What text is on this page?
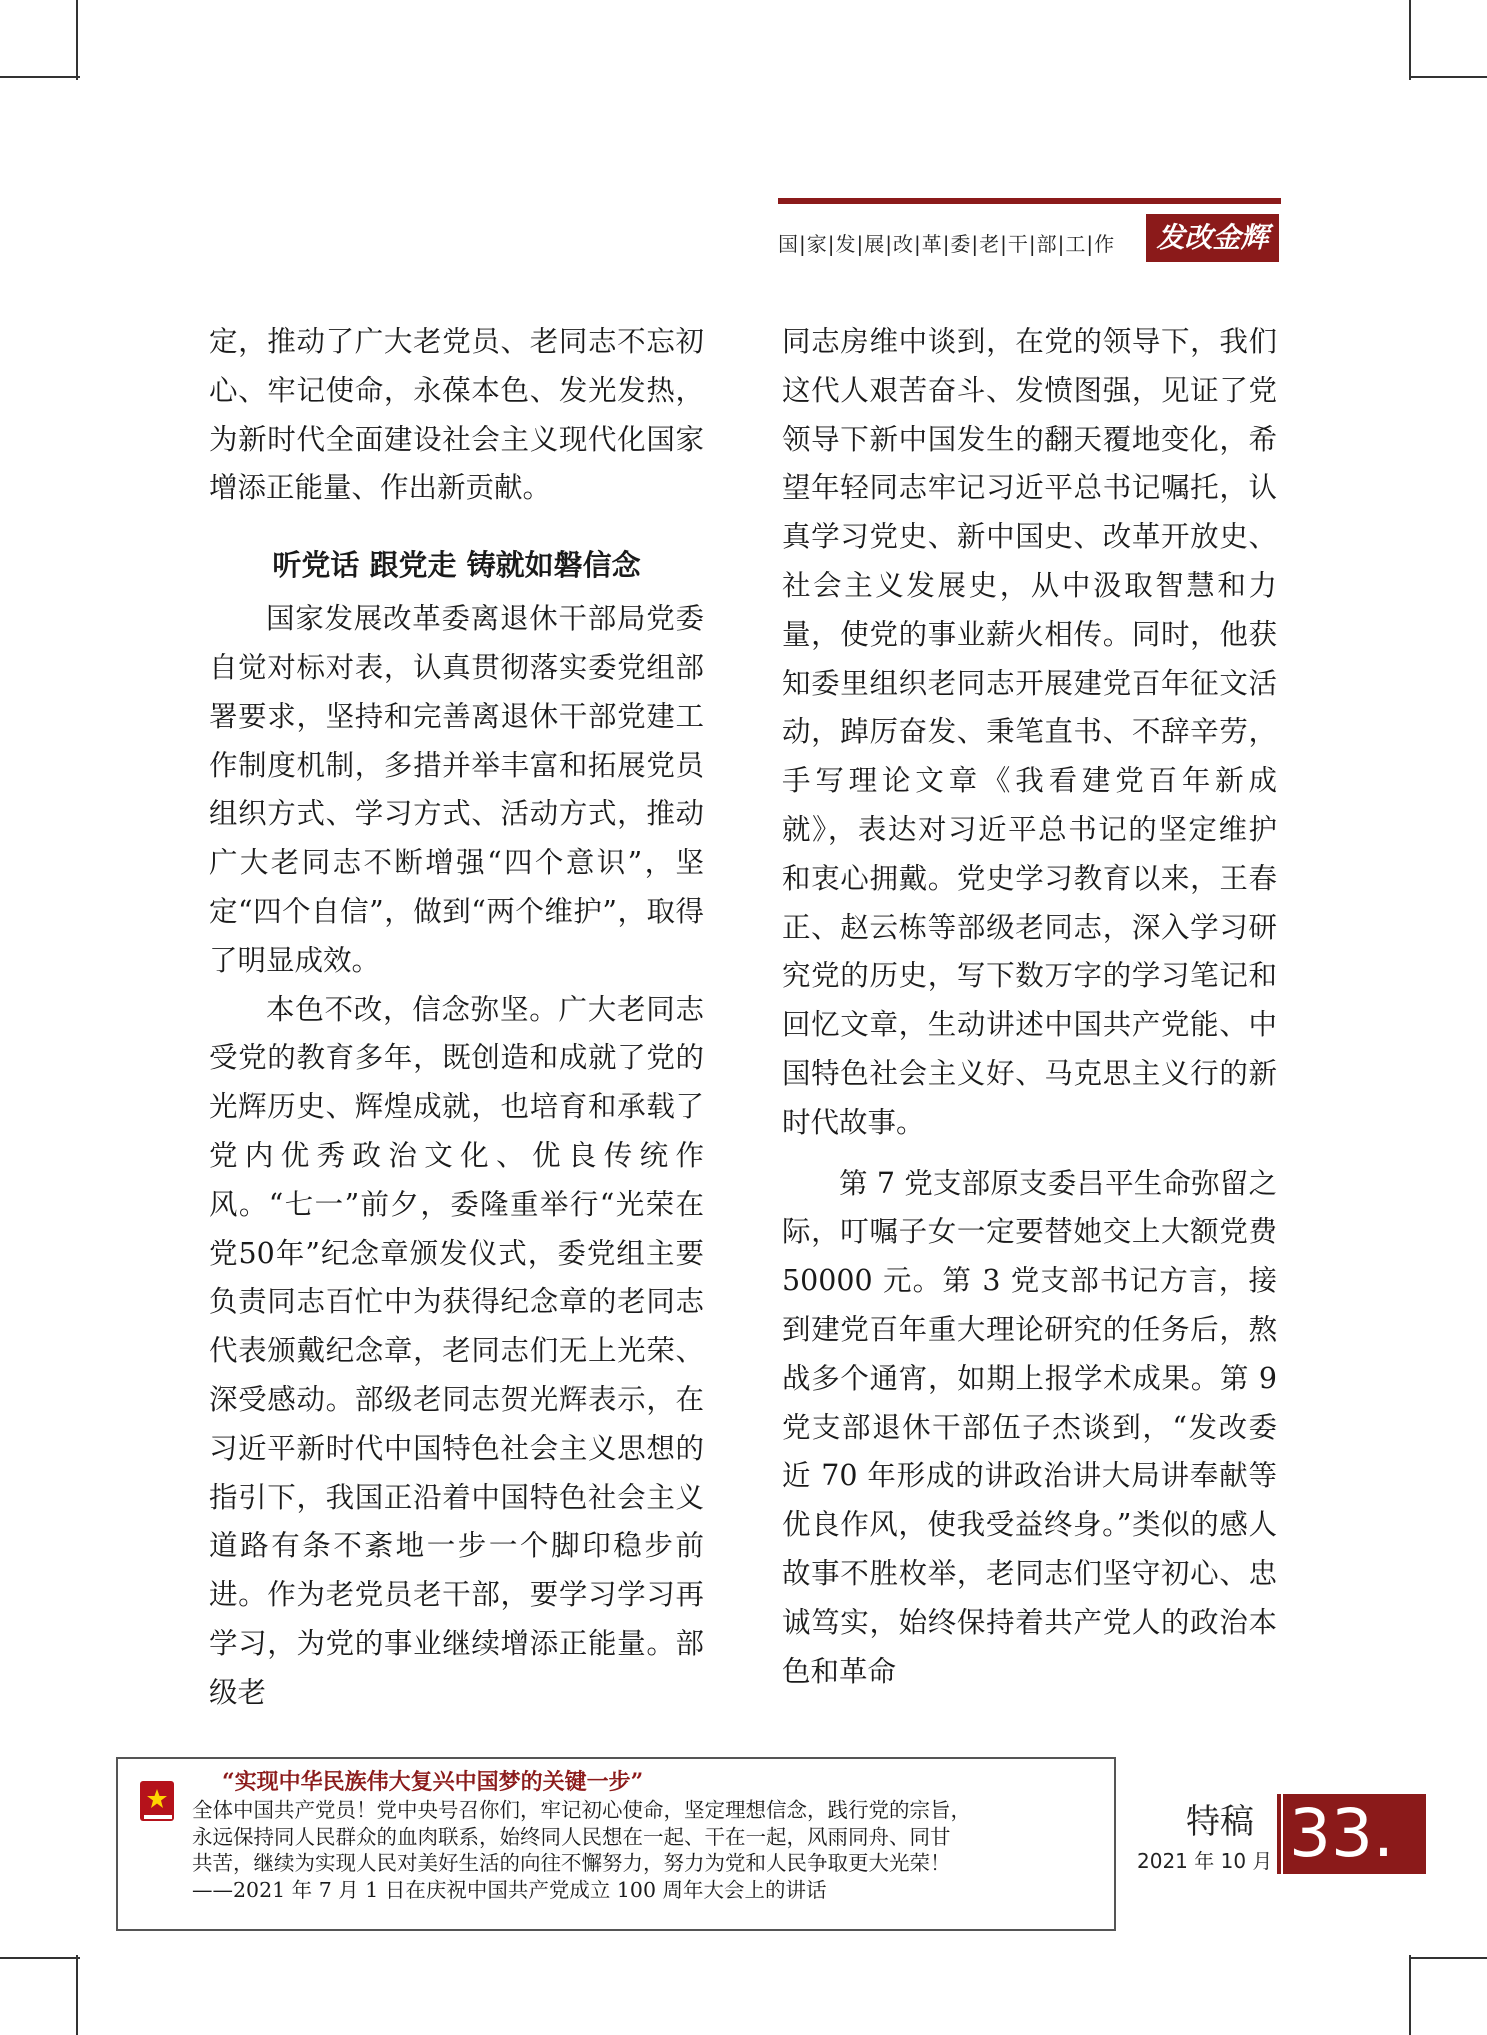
国|家|发|展|改|革|委|老|干|部|工|作	发改金辉

定，推动了广大老党员、老同志不忘初心、牢记使命，永葆本色、发光发热，为新时代全面建设社会主义现代化国家增添正能量、作出新贡献。

听党话 跟党走 铸就如磐信念

国家发展改革委离退休干部局党委自觉对标对表，认真贯彻落实委党组部署要求，坚持和完善离退休干部党建工作制度机制，多措并举丰富和拓展党员组织方式、学习方式、活动方式，推动广大老同志不断增强“四个意识”，坚定“四个自信”，做到“两个维护”，取得了明显成效。

本色不改，信念弥坚。广大老同志受党的教育多年，既创造和成就了党的光辉历史、辉煌成就，也培育和承载了党内优秀政治文化、优良传统作风。“七一”前夕，委隆重举行“光荣在党50年”纪念章颁发仪式，委党组主要负责同志百忙中为获得纪念章的老同志代表颁戴纪念章，老同志们无上光荣、深受感动。部级老同志贺光辉表示，在习近平新时代中国特色社会主义思想的指引下，我国正沿着中国特色社会主义道路有条不紊地一步一个脚印稳步前进。作为老党员老干部，要学习学习再学习，为党的事业继续增添正能量。部级老

同志房维中谈到，在党的领导下，我们这代人艰苦奋斗、发愤图强，见证了党领导下新中国发生的翻天覆地变化，希望年轻同志牢记习近平总书记嘱托，认真学习党史、新中国史、改革开放史、社会主义发展史，从中汲取智慧和力量，使党的事业薪火相传。同时，他获知委里组织老同志开展建党百年征文活动，踔厉奋发、秉笔直书、不辞辛劳，手写理论文章《我看建党百年新成就》，表达对习近平总书记的坚定维护和衷心拥戴。党史学习教育以来，王春正、赵云栋等部级老同志，深入学习研究党的历史，写下数万字的学习笔记和回忆文章，生动讲述中国共产党能、中国特色社会主义好、马克思主义行的新时代故事。

第 7 党支部原支委吕平生命弥留之际，叮嘱子女一定要替她交上大额党费 50000 元。第 3 党支部书记方言，接到建党百年重大理论研究的任务后，熬战多个通宵，如期上报学术成果。第 9 党支部退休干部伍子杰谈到，“发改委近 70 年形成的讲政治讲大局讲奉献等优良作风，使我受益终身。”类似的感人故事不胜枚举，老同志们坚守初心、忠诚笃实，始终保持着共产党人的政治本色和革命

“实现中华民族伟大复兴中国梦的关键一步”
全体中国共产党员！党中央号召你们，牢记初心使命，坚定理想信念，践行党的宗旨，
永远保持同人民群众的血肉联系，始终同人民想在一起、干在一起，风雨同舟、同甘
共苦，继续为实现人民对美好生活的向往不懈努力，努力为党和人民争取更大光荣！
——2021 年 7 月 1 日在庆祝中国共产党成立 100 周年大会上的讲话
特稿
2021 年 10 月 33.
